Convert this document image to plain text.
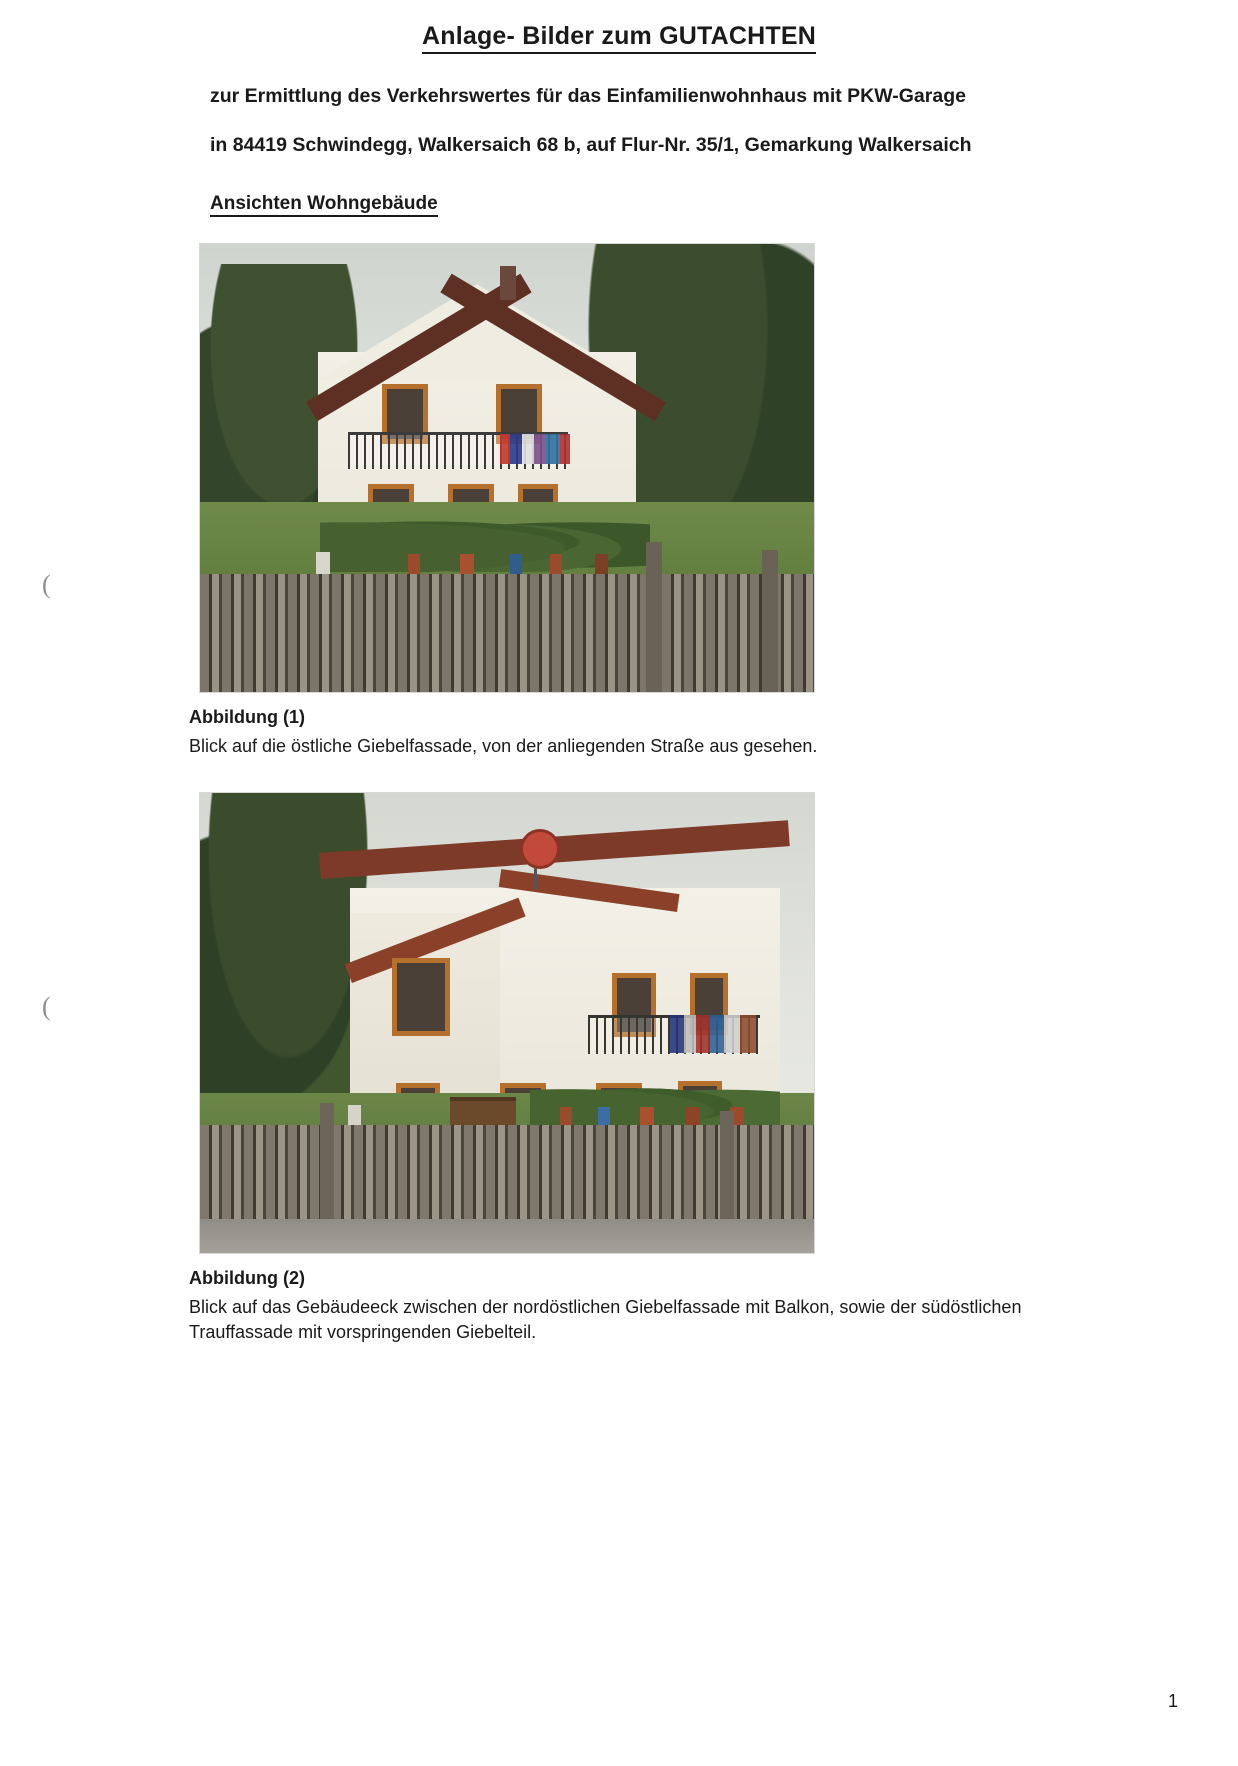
(
(
Anlage- Bilder zum GUTACHTEN
zur Ermittlung des Verkehrswertes für das Einfamilienwohnhaus mit PKW-Garage
in 84419 Schwindegg, Walkersaich 68 b, auf Flur-Nr. 35/1, Gemarkung Walkersaich
Ansichten Wohngebäude
Abbildung (1)
Blick auf die östliche Giebelfassade, von der anliegenden Straße aus gesehen.
Abbildung (2)
Blick auf das Gebäudeeck zwischen der nordöstlichen Giebelfassade mit Balkon, sowie der südöstlichen Trauffassade mit vorspringenden Giebelteil.
1
